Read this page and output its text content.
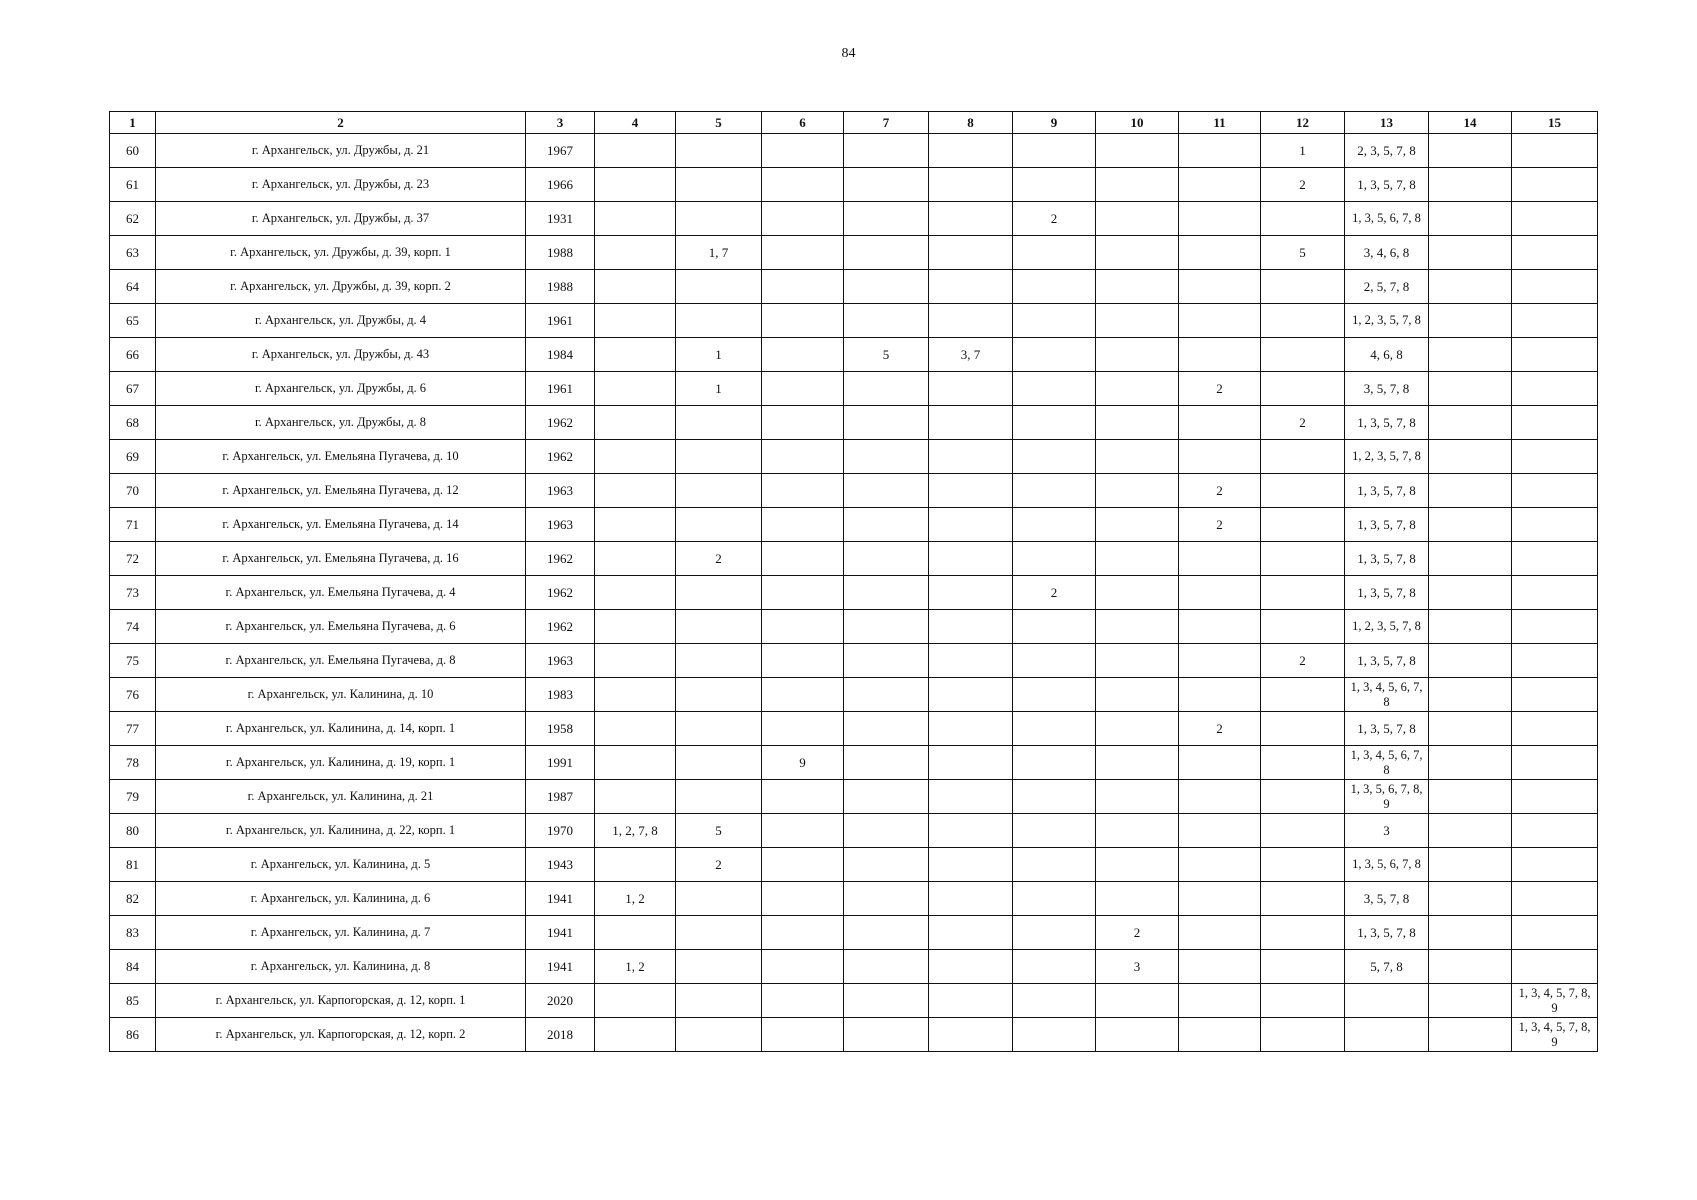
84
1	2	3	4	5	6	7	8	9	10	11	12	13	14	15
60	г. Архангельск, ул. Дружбы, д. 21	1967									1	2, 3, 5, 7, 8		
61	г. Архангельск, ул. Дружбы, д. 23	1966									2	1, 3, 5, 7, 8		
62	г. Архангельск, ул. Дружбы, д. 37	1931						2				1, 3, 5, 6, 7, 8		
63	г. Архангельск, ул. Дружбы, д. 39, корп. 1	1988		1, 7							5	3, 4, 6, 8		
64	г. Архангельск, ул. Дружбы, д. 39, корп. 2	1988										2, 5, 7, 8		
65	г. Архангельск, ул. Дружбы, д. 4	1961										1, 2, 3, 5, 7, 8		
66	г. Архангельск, ул. Дружбы, д. 43	1984		1		5	3, 7					4, 6, 8		
67	г. Архангельск, ул. Дружбы, д. 6	1961		1						2		3, 5, 7, 8		
68	г. Архангельск, ул. Дружбы, д. 8	1962									2	1, 3, 5, 7, 8		
69	г. Архангельск, ул. Емельяна Пугачева, д. 10	1962										1, 2, 3, 5, 7, 8		
70	г. Архангельск, ул. Емельяна Пугачева, д. 12	1963								2		1, 3, 5, 7, 8		
71	г. Архангельск, ул. Емельяна Пугачева, д. 14	1963								2		1, 3, 5, 7, 8		
72	г. Архангельск, ул. Емельяна Пугачева, д. 16	1962		2								1, 3, 5, 7, 8		
73	г. Архангельск, ул. Емельяна Пугачева, д. 4	1962						2				1, 3, 5, 7, 8		
74	г. Архангельск, ул. Емельяна Пугачева, д. 6	1962										1, 2, 3, 5, 7, 8		
75	г. Архангельск, ул. Емельяна Пугачева, д. 8	1963									2	1, 3, 5, 7, 8		
76	г. Архангельск, ул. Калинина, д. 10	1983										1, 3, 4, 5, 6, 7, 8		
77	г. Архангельск, ул. Калинина, д. 14, корп. 1	1958								2		1, 3, 5, 7, 8		
78	г. Архангельск, ул. Калинина, д. 19, корп. 1	1991			9							1, 3, 4, 5, 6, 7, 8		
79	г. Архангельск, ул. Калинина, д. 21	1987										1, 3, 5, 6, 7, 8, 9		
80	г. Архангельск, ул. Калинина, д. 22, корп. 1	1970	1, 2, 7, 8	5								3		
81	г. Архангельск, ул. Калинина, д. 5	1943		2								1, 3, 5, 6, 7, 8		
82	г. Архангельск, ул. Калинина, д. 6	1941	1, 2									3, 5, 7, 8		
83	г. Архангельск, ул. Калинина, д. 7	1941							2			1, 3, 5, 7, 8		
84	г. Архангельск, ул. Калинина, д. 8	1941	1, 2						3			5, 7, 8		
85	г. Архангельск, ул. Карпогорская, д. 12, корп. 1	2020												1, 3, 4, 5, 7, 8, 9
86	г. Архангельск, ул. Карпогорская, д. 12, корп. 2	2018												1, 3, 4, 5, 7, 8, 9
